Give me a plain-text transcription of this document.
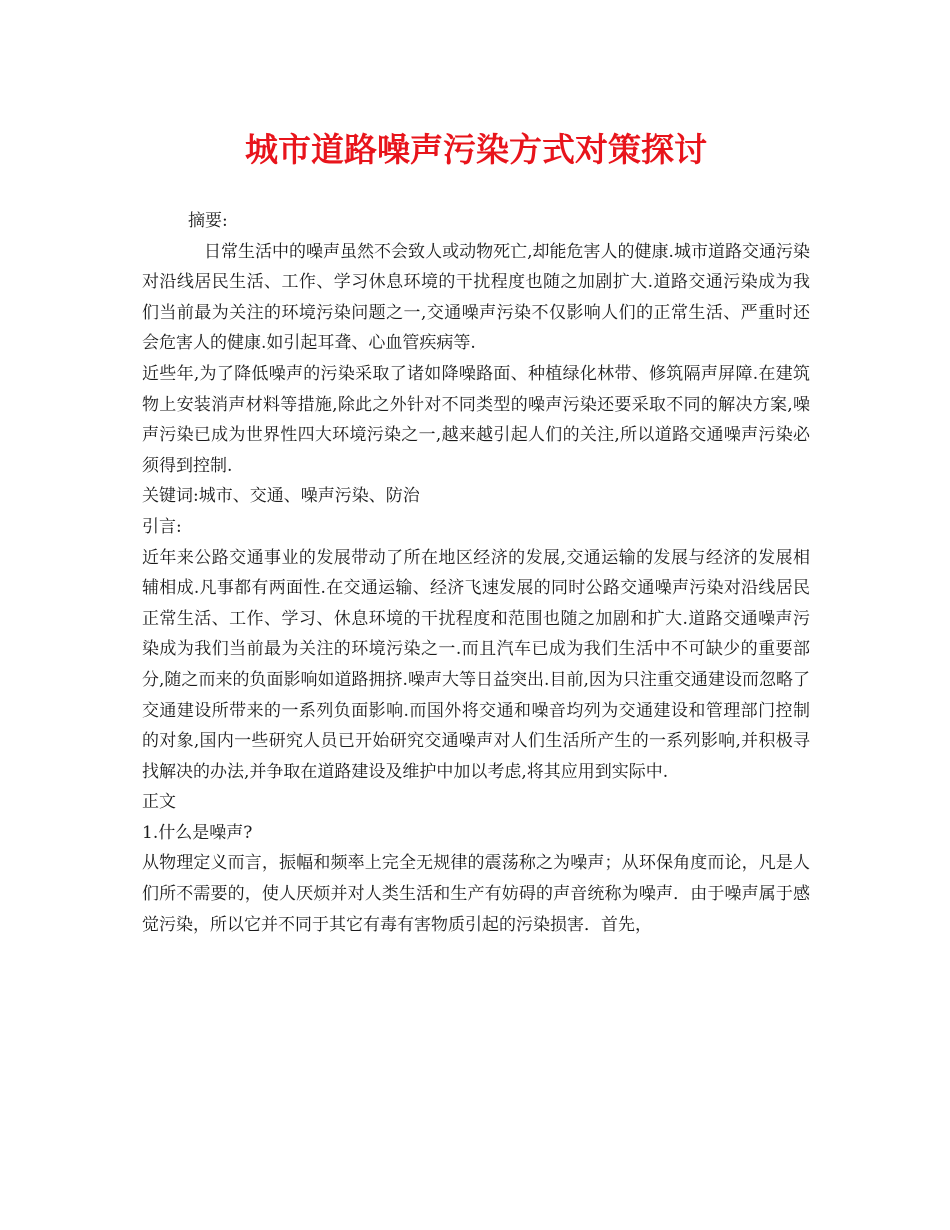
城市道路噪声污染方式对策探讨

摘要:

日常生活中的噪声虽然不会致人或动物死亡,却能危害人的健康.城市道路交通污染对沿线居民生活、工作、学习休息环境的干扰程度也随之加剧扩大.道路交通污染成为我们当前最为关注的环境污染问题之一,交通噪声污染不仅影响人们的正常生活、严重时还会危害人的健康.如引起耳聋、心血管疾病等.

近些年,为了降低噪声的污染采取了诸如降噪路面、种植绿化林带、修筑隔声屏障.在建筑物上安装消声材料等措施,除此之外针对不同类型的噪声污染还要采取不同的解决方案,噪声污染已成为世界性四大环境污染之一,越来越引起人们的关注,所以道路交通噪声污染必须得到控制.

关键词:城市、交通、噪声污染、防治

引言:

近年来公路交通事业的发展带动了所在地区经济的发展,交通运输的发展与经济的发展相辅相成.凡事都有两面性.在交通运输、经济飞速发展的同时公路交通噪声污染对沿线居民正常生活、工作、学习、休息环境的干扰程度和范围也随之加剧和扩大.道路交通噪声污染成为我们当前最为关注的环境污染之一.而且汽车已成为我们生活中不可缺少的重要部分,随之而来的负面影响如道路拥挤.噪声大等日益突出.目前,因为只注重交通建设而忽略了交通建设所带来的一系列负面影响.而国外将交通和噪音均列为交通建设和管理部门控制的对象,国内一些研究人员已开始研究交通噪声对人们生活所产生的一系列影响,并积极寻找解决的办法,并争取在道路建设及维护中加以考虑,将其应用到实际中.

正文

1.什么是噪声?

从物理定义而言，振幅和频率上完全无规律的震荡称之为噪声；从环保角度而论，凡是人们所不需要的，使人厌烦并对人类生活和生产有妨碍的声音统称为噪声．由于噪声属于感觉污染，所以它并不同于其它有毒有害物质引起的污染损害．首先，
